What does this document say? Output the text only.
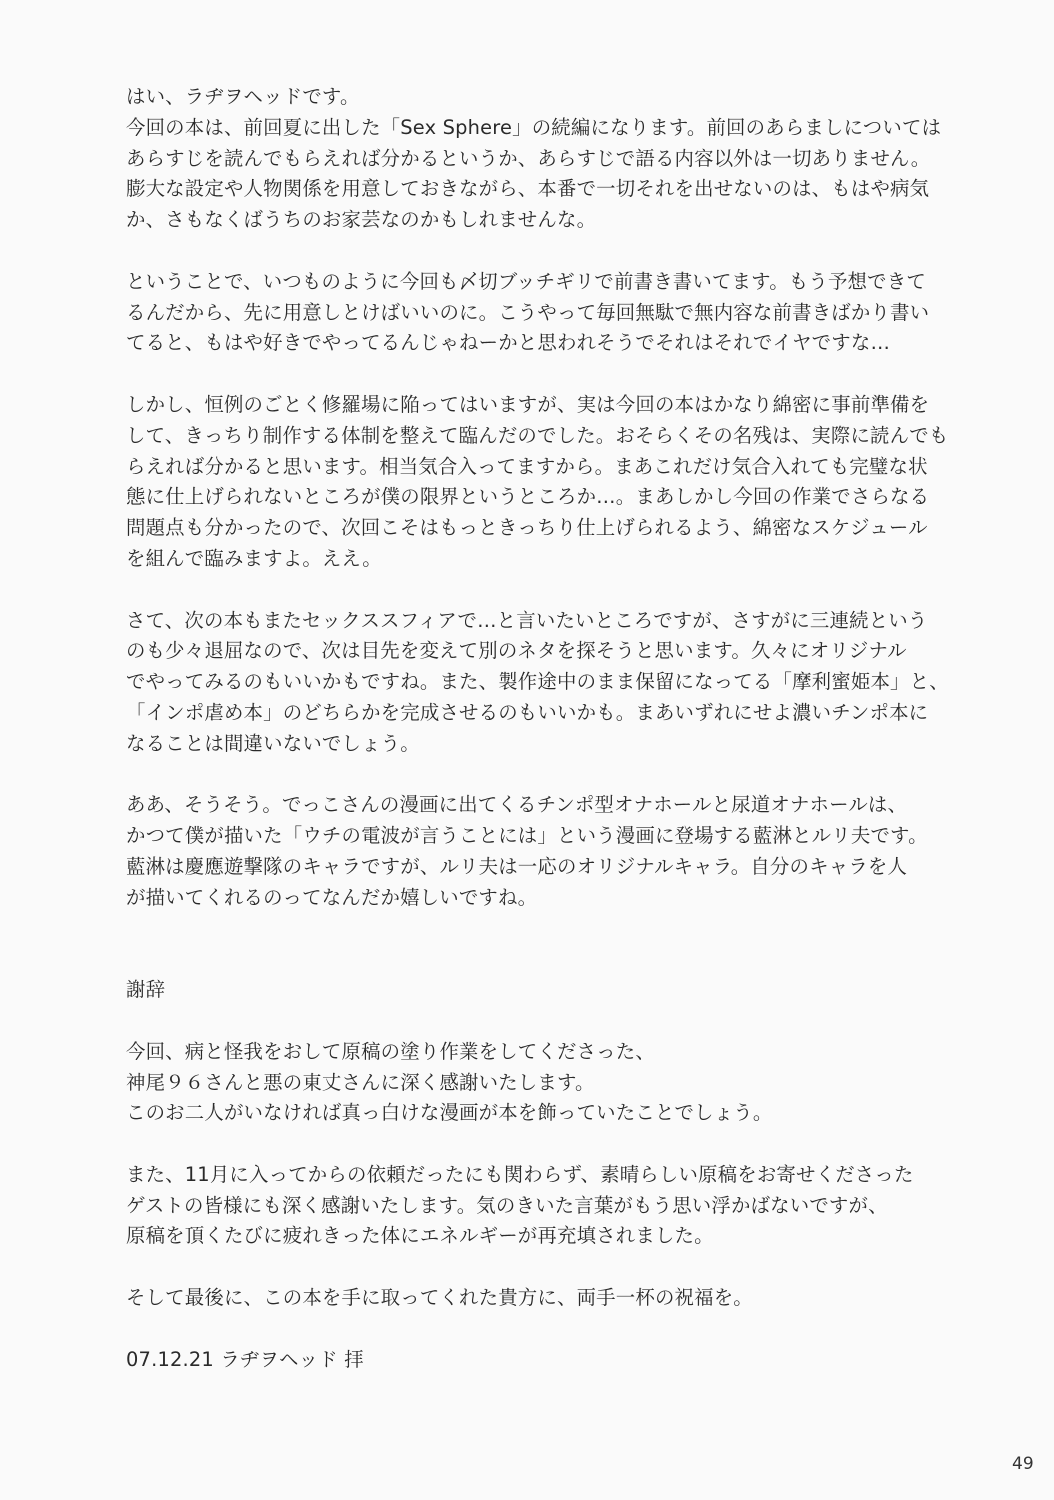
はい、ラヂヲヘッドです。
今回の本は、前回夏に出した「Sex Sphere」の続編になります。前回のあらましについては
あらすじを読んでもらえれば分かるというか、あらすじで語る内容以外は一切ありません。
膨大な設定や人物関係を用意しておきながら、本番で一切それを出せないのは、もはや病気
か、さもなくばうちのお家芸なのかもしれませんな。
ということで、いつものように今回も〆切ブッチギリで前書き書いてます。もう予想できて
るんだから、先に用意しとけばいいのに。こうやって毎回無駄で無内容な前書きばかり書い
てると、もはや好きでやってるんじゃねーかと思われそうでそれはそれでイヤですな…
しかし、恒例のごとく修羅場に陥ってはいますが、実は今回の本はかなり綿密に事前準備を
して、きっちり制作する体制を整えて臨んだのでした。おそらくその名残は、実際に読んでも
らえれば分かると思います。相当気合入ってますから。まあこれだけ気合入れても完璧な状
態に仕上げられないところが僕の限界というところか…。まあしかし今回の作業でさらなる
問題点も分かったので、次回こそはもっときっちり仕上げられるよう、綿密なスケジュール
を組んで臨みますよ。ええ。
さて、次の本もまたセックススフィアで…と言いたいところですが、さすがに三連続という
のも少々退屈なので、次は目先を変えて別のネタを探そうと思います。久々にオリジナル
でやってみるのもいいかもですね。また、製作途中のまま保留になってる「摩利蜜姫本」と、
「インポ虐め本」のどちらかを完成させるのもいいかも。まあいずれにせよ濃いチンポ本に
なることは間違いないでしょう。
ああ、そうそう。でっこさんの漫画に出てくるチンポ型オナホールと尿道オナホールは、
かつて僕が描いた「ウチの電波が言うことには」という漫画に登場する藍淋とルリ夫です。
藍淋は慶應遊撃隊のキャラですが、ルリ夫は一応のオリジナルキャラ。自分のキャラを人
が描いてくれるのってなんだか嬉しいですね。
謝辞
今回、病と怪我をおして原稿の塗り作業をしてくださった、
神尾９６さんと悪の東丈さんに深く感謝いたします。
このお二人がいなければ真っ白けな漫画が本を飾っていたことでしょう。
また、11月に入ってからの依頼だったにも関わらず、素晴らしい原稿をお寄せくださった
ゲストの皆様にも深く感謝いたします。気のきいた言葉がもう思い浮かばないですが、
原稿を頂くたびに疲れきった体にエネルギーが再充填されました。
そして最後に、この本を手に取ってくれた貴方に、両手一杯の祝福を。
07.12.21 ラヂヲヘッド 拝
49
